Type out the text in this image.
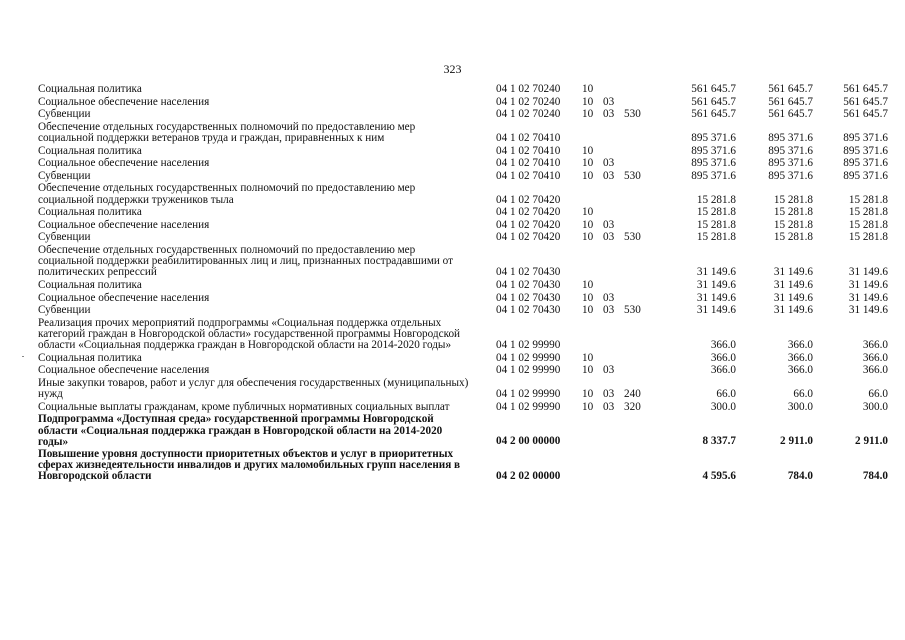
323
Социальная политика	04 1 02 70240	10			561 645.7	561 645.7	561 645.7
Социальное обеспечение населения	04 1 02 70240	10	03		561 645.7	561 645.7	561 645.7
Субвенции	04 1 02 70240	10	03	530	561 645.7	561 645.7	561 645.7
Обеспечение отдельных государственных полномочий по предоставлению мер социальной поддержки ветеранов труда и граждан, приравненных к ним	04 1 02 70410				895 371.6	895 371.6	895 371.6
Социальная политика	04 1 02 70410	10			895 371.6	895 371.6	895 371.6
Социальное обеспечение населения	04 1 02 70410	10	03		895 371.6	895 371.6	895 371.6
Субвенции	04 1 02 70410	10	03	530	895 371.6	895 371.6	895 371.6
Обеспечение отдельных государственных полномочий по предоставлению мер социальной поддержки тружеников тыла	04 1 02 70420				15 281.8	15 281.8	15 281.8
Социальная политика	04 1 02 70420	10			15 281.8	15 281.8	15 281.8
Социальное обеспечение населения	04 1 02 70420	10	03		15 281.8	15 281.8	15 281.8
Субвенции	04 1 02 70420	10	03	530	15 281.8	15 281.8	15 281.8
Обеспечение отдельных государственных полномочий по предоставлению мер социальной поддержки реабилитированных лиц и лиц, признанных пострадавшими от политических репрессий	04 1 02 70430				31 149.6	31 149.6	31 149.6
Социальная политика	04 1 02 70430	10			31 149.6	31 149.6	31 149.6
Социальное обеспечение населения	04 1 02 70430	10	03		31 149.6	31 149.6	31 149.6
Субвенции	04 1 02 70430	10	03	530	31 149.6	31 149.6	31 149.6
Реализация прочих мероприятий подпрограммы «Социальная поддержка отдельных категорий граждан в Новгородской области» государственной программы Новгородской области «Социальная поддержка граждан в Новгородской области на 2014-2020 годы»	04 1 02 99990				366.0	366.0	366.0
Социальная политика	04 1 02 99990	10			366.0	366.0	366.0
Социальное обеспечение населения	04 1 02 99990	10	03		366.0	366.0	366.0
Иные закупки товаров, работ и услуг для обеспечения государственных (муниципальных) нужд	04 1 02 99990	10	03	240	66.0	66.0	66.0
Социальные выплаты гражданам, кроме публичных нормативных социальных выплат	04 1 02 99990	10	03	320	300.0	300.0	300.0
Подпрограмма «Доступная среда» государственной программы Новгородской области «Социальная поддержка граждан в Новгородской области на 2014-2020 годы»	04 2 00 00000				8 337.7	2 911.0	2 911.0
Повышение уровня доступности приоритетных объектов и услуг в приоритетных сферах жизнедеятельности инвалидов и других маломобильных групп населения в Новгородской области	04 2 02 00000				4 595.6	784.0	784.0
